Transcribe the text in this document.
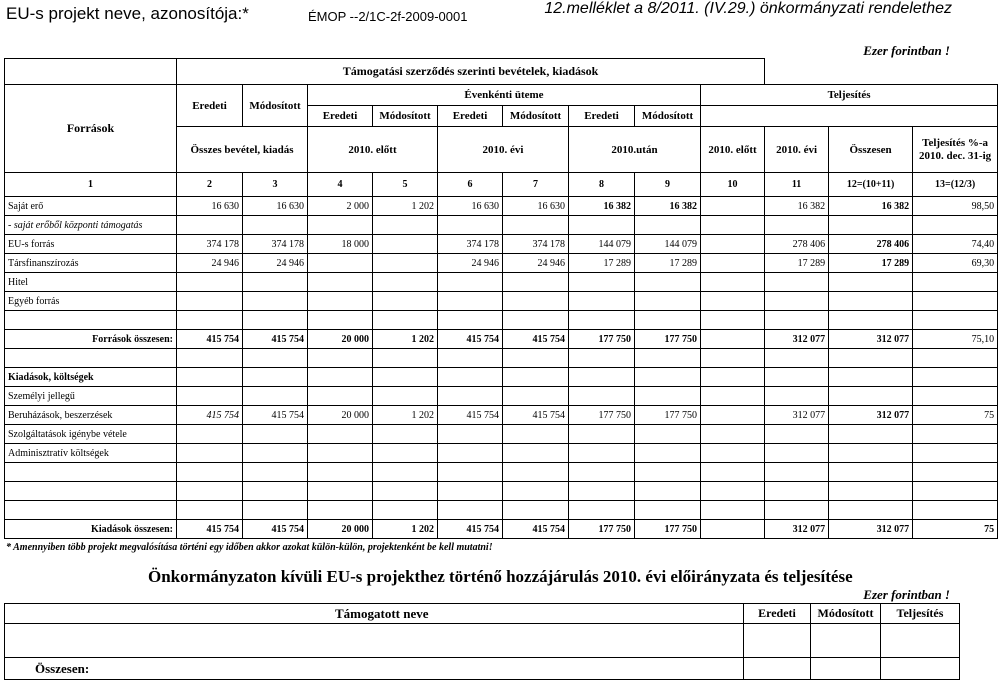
EU-s projekt neve, azonosítója:*	ÉMOP --2/1C-2f-2009-0001	12.melléklet a 8/2011. (IV.29.) önkormányzati rendelethez
Ezer forintban !
	Támogatási szerződés szerinti bevételek, kiadások											
Források	Eredeti	Módosított	Évenkénti üteme						Teljesítés			
			Eredeti	Módosított	Eredeti	Módosított	Eredeti	Módosított				
	Összes bevétel, kiadás		2010. előtt		2010. évi		2010.után		2010. előtt	2010. évi	Összesen	Teljesítés %-a 2010. dec. 31-ig
1	2	3	4	5	6	7	8	9	10	11	12=(10+11)	13=(12/3)
Saját erő	16 630	16 630	2 000	1 202	16 630	16 630	16 382	16 382		16 382	16 382	98,50
- saját erőből központi támogatás												
EU-s forrás	374 178	374 178	18 000		374 178	374 178	144 079	144 079		278 406	278 406	74,40
Társfinanszírozás	24 946	24 946			24 946	24 946	17 289	17 289		17 289	17 289	69,30
Hitel												
Egyéb forrás												

Források összesen:	415 754	415 754	20 000	1 202	415 754	415 754	177 750	177 750		312 077	312 077	75,10

Kiadások, költségek												
Személyi jellegű												
Beruházások, beszerzések	415 754	415 754	20 000	1 202	415 754	415 754	177 750	177 750		312 077	312 077	75
Szolgáltatások igénybe vétele												
Adminisztratív költségek												

Kiadások összesen:	415 754	415 754	20 000	1 202	415 754	415 754	177 750	177 750		312 077	312 077	75
* Amennyiben több projekt megvalósítása történi egy időben akkor azokat külön-külön, projektenként be kell mutatni!
Önkormányzaton kívüli EU-s projekthez történő hozzájárulás 2010. évi előirányzata és teljesítése
Ezer forintban !
Támogatott neve	Eredeti	Módosított	Teljesítés

Összesen:			
